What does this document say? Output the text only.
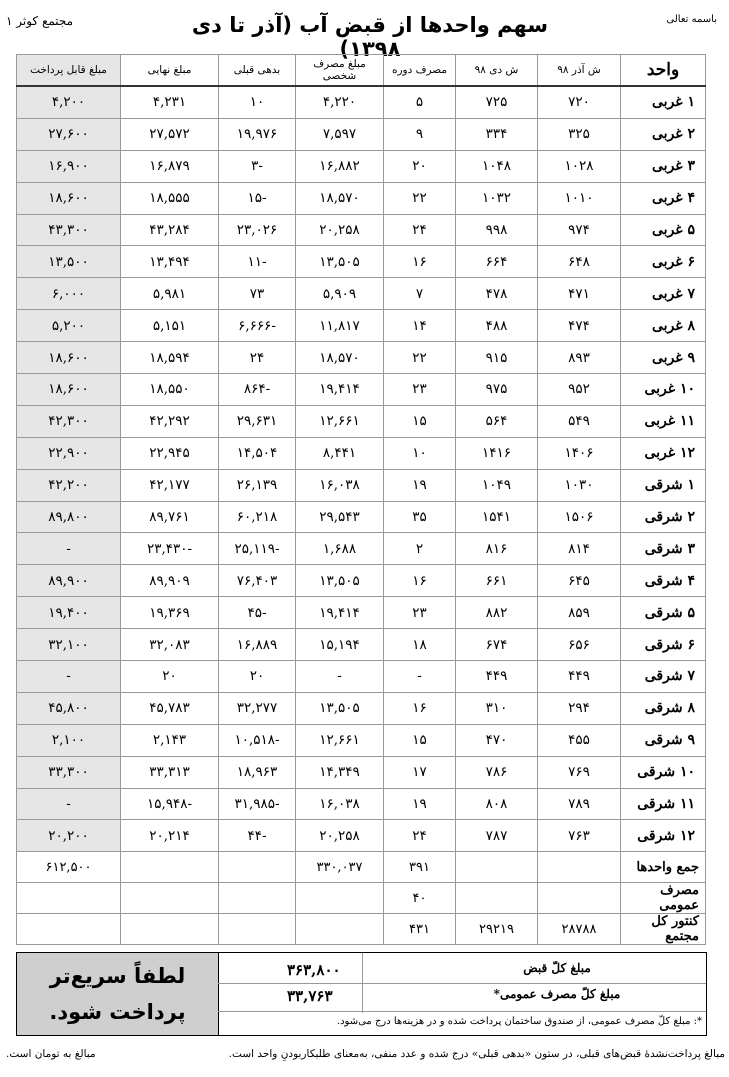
مجتمع کوثر ۱	باسمه تعالی
سهم واحدها از قبض آب (آذر تا دی ۱۳۹۸)
واحد	ش آذر ۹۸	ش دی ۹۸	مصرف دوره	مبلغ مصرف شخصی	بدهی قبلی	مبلغ نهایی	مبلغ قابل پرداخت
۱ غربی	۷۲۰	۷۲۵	۵	۴,۲۲۰	۱۰	۴,۲۳۱	۴,۲۰۰
۲ غربی	۳۲۵	۳۳۴	۹	۷,۵۹۷	۱۹,۹۷۶	۲۷,۵۷۲	۲۷,۶۰۰
۳ غربی	۱۰۲۸	۱۰۴۸	۲۰	۱۶,۸۸۲	-۳	۱۶,۸۷۹	۱۶,۹۰۰
۴ غربی	۱۰۱۰	۱۰۳۲	۲۲	۱۸,۵۷۰	-۱۵	۱۸,۵۵۵	۱۸,۶۰۰
۵ غربی	۹۷۴	۹۹۸	۲۴	۲۰,۲۵۸	۲۳,۰۲۶	۴۳,۲۸۴	۴۳,۳۰۰
۶ غربی	۶۴۸	۶۶۴	۱۶	۱۳,۵۰۵	-۱۱	۱۳,۴۹۴	۱۳,۵۰۰
۷ غربی	۴۷۱	۴۷۸	۷	۵,۹۰۹	۷۳	۵,۹۸۱	۶,۰۰۰
۸ غربی	۴۷۴	۴۸۸	۱۴	۱۱,۸۱۷	-۶,۶۶۶	۵,۱۵۱	۵,۲۰۰
۹ غربی	۸۹۳	۹۱۵	۲۲	۱۸,۵۷۰	۲۴	۱۸,۵۹۴	۱۸,۶۰۰
۱۰ غربی	۹۵۲	۹۷۵	۲۳	۱۹,۴۱۴	-۸۶۴	۱۸,۵۵۰	۱۸,۶۰۰
۱۱ غربی	۵۴۹	۵۶۴	۱۵	۱۲,۶۶۱	۲۹,۶۳۱	۴۲,۲۹۲	۴۲,۳۰۰
۱۲ غربی	۱۴۰۶	۱۴۱۶	۱۰	۸,۴۴۱	۱۴,۵۰۴	۲۲,۹۴۵	۲۲,۹۰۰
۱ شرقی	۱۰۳۰	۱۰۴۹	۱۹	۱۶,۰۳۸	۲۶,۱۳۹	۴۲,۱۷۷	۴۲,۲۰۰
۲ شرقی	۱۵۰۶	۱۵۴۱	۳۵	۲۹,۵۴۳	۶۰,۲۱۸	۸۹,۷۶۱	۸۹,۸۰۰
۳ شرقی	۸۱۴	۸۱۶	۲	۱,۶۸۸	-۲۵,۱۱۹	-۲۳,۴۳۰	-
۴ شرقی	۶۴۵	۶۶۱	۱۶	۱۳,۵۰۵	۷۶,۴۰۳	۸۹,۹۰۹	۸۹,۹۰۰
۵ شرقی	۸۵۹	۸۸۲	۲۳	۱۹,۴۱۴	-۴۵	۱۹,۳۶۹	۱۹,۴۰۰
۶ شرقی	۶۵۶	۶۷۴	۱۸	۱۵,۱۹۴	۱۶,۸۸۹	۳۲,۰۸۳	۳۲,۱۰۰
۷ شرقی	۴۴۹	۴۴۹	-	-	۲۰	۲۰	-
۸ شرقی	۲۹۴	۳۱۰	۱۶	۱۳,۵۰۵	۳۲,۲۷۷	۴۵,۷۸۳	۴۵,۸۰۰
۹ شرقی	۴۵۵	۴۷۰	۱۵	۱۲,۶۶۱	-۱۰,۵۱۸	۲,۱۴۳	۲,۱۰۰
۱۰ شرقی	۷۶۹	۷۸۶	۱۷	۱۴,۳۴۹	۱۸,۹۶۳	۳۳,۳۱۳	۳۳,۳۰۰
۱۱ شرقی	۷۸۹	۸۰۸	۱۹	۱۶,۰۳۸	-۳۱,۹۸۵	-۱۵,۹۴۸	-
۱۲ شرقی	۷۶۳	۷۸۷	۲۴	۲۰,۲۵۸	-۴۴	۲۰,۲۱۴	۲۰,۲۰۰
جمع واحدها			۳۹۱	۳۳۰,۰۳۷			۶۱۲,۵۰۰
مصرف عمومی			۴۰				
کنتور کل مجتمع	۲۸۷۸۸	۲۹۲۱۹	۴۳۱				
لطفاً سریع‌تر
پرداخت شود.
۳۶۳,۸۰۰	مبلغ کلّ قبض
۳۳,۷۶۳	مبلغ کلّ مصرف عمومی*
*: مبلغ کلّ مصرف عمومی، از صندوق ساختمان پرداخت شده و در هزینه‌ها درج می‌شود.
مبالغ پرداخت‌نشدهٔ قبض‌های قبلی، در ستون «بدهی قبلی» درج شده و عدد منفی، به‌معنای طلبکاربودنِ واحد است.
مبالغ به تومان است.
